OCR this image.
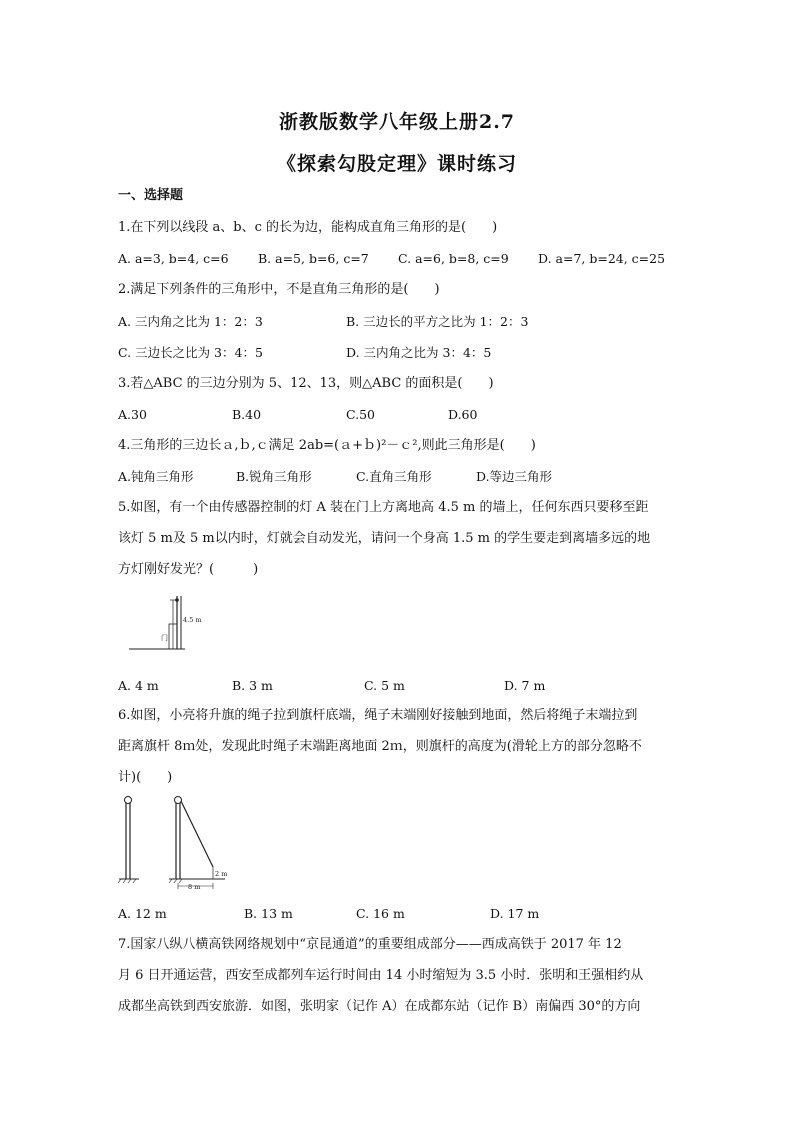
浙教版数学八年级上册2.7
《探索勾股定理》课时练习
一、选择题
1.在下列以线段 a、b、c 的长为边，能构成直角三角形的是(　　)
A. a=3, b=4, c=6 B. a=5, b=6, c=7 C. a=6, b=8, c=9 D. a=7, b=24, c=25
2.满足下列条件的三角形中，不是直角三角形的是(　　)
A. 三内角之比为 1：2：3	B. 三边长的平方之比为 1：2：3
C. 三边长之比为 3：4：5	D. 三内角之比为 3：4：5
3.若△ABC 的三边分别为 5、12、13，则△ABC 的面积是(　　)
A.30	B.40	C.50	D.60
4.三角形的三边长ａ,ｂ,ｃ满足 2ab=(ａ+ｂ)²－ｃ²,则此三角形是(　　)
A.钝角三角形	B.锐角三角形	C.直角三角形	D.等边三角形
5.如图，有一个由传感器控制的灯 A 装在门上方离地高 4.5 m 的墙上，任何东西只要移至距
该灯 5 m及 5 m以内时，灯就会自动发光，请问一个身高 1.5 m 的学生要走到离墙多远的地
方灯刚好发光？(　　　)
4.5 m
门
A. 4 m	B. 3 m	C. 5 m	D. 7 m
6.如图，小亮将升旗的绳子拉到旗杆底端，绳子末端刚好接触到地面，然后将绳子末端拉到
距离旗杆 8ｍ处，发现此时绳子末端距离地面 2ｍ，则旗杆的高度为(滑轮上方的部分忽略不
计)(　　)
8 m
2 m
A. 12 m	B. 13 m	C. 16 m	D. 17 m
7.国家八纵八横高铁网络规划中“京昆通道”的重要组成部分——西成高铁于 2017 年 12
月 6 日开通运营，西安至成都列车运行时间由 14 小时缩短为 3.5 小时．张明和王强相约从
成都坐高铁到西安旅游．如图，张明家（记作 A）在成都东站（记作 B）南偏西 30°的方向
